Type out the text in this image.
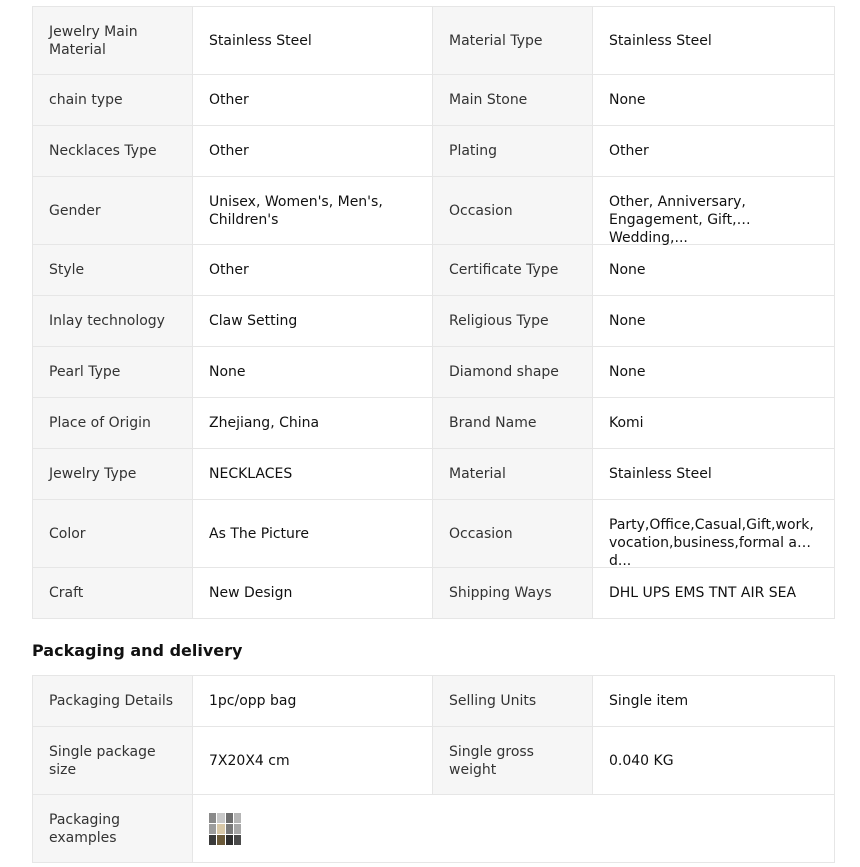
Jewelry Main Material	Stainless Steel	Material Type	Stainless Steel
chain type	Other	Main Stone	None
Necklaces Type	Other	Plating	Other
Gender	Unisex, Women's, Men's, Children's	Occasion	Other, Anniversary, Engagement, Gift, Wedding,...

Style	Other	Certificate Type	None
Inlay technology	Claw Setting	Religious Type	None
Pearl Type	None	Diamond shape	None
Place of Origin	Zhejiang, China	Brand Name	Komi
Jewelry Type	NECKLACES	Material	Stainless Steel
Color	As The Picture	Occasion	Party,Office,Casual,Gift,work,vocation,business,formal and...

Craft	New Design	Shipping Ways	DHL UPS EMS TNT AIR SEA
Packaging and delivery
Packaging Details	1pc/opp bag	Selling Units	Single item
Single package size	7X20X4 cm	Single gross weight	0.040 KG
Packaging examples			
